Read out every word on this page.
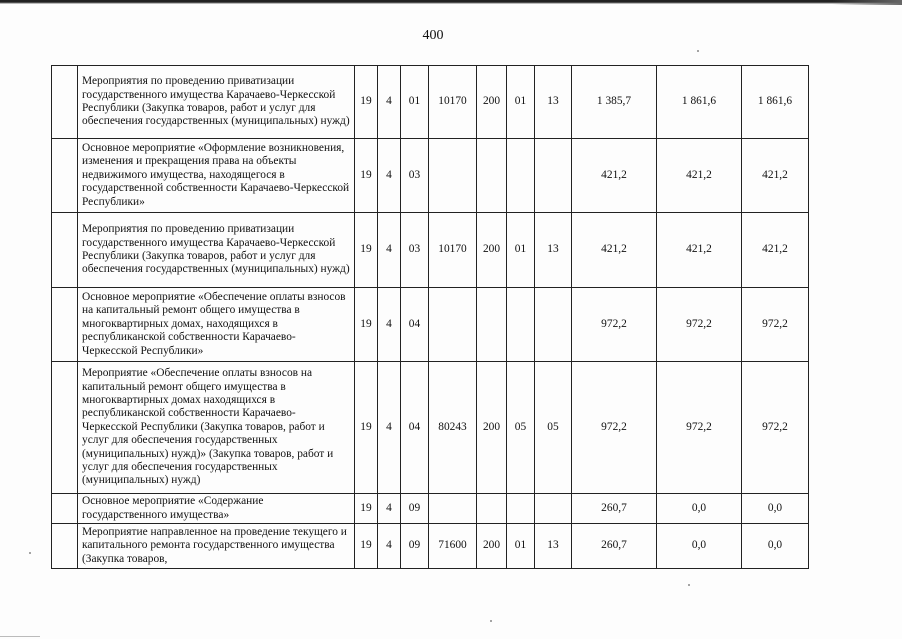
400
	Мероприятия по проведению приватизации государственного имущества Карачаево-Черкесской Республики (Закупка товаров, работ и услуг для обеспечения государственных (муниципальных) нужд)	19	4	01	10170	200	01	13	1 385,7	1 861,6	1 861,6
	Основное мероприятие «Оформление возникновения, изменения и прекращения права на объекты недвижимого имущества, находящегося в государственной собственности Карачаево-Черкесской Республики»	19	4	03					421,2	421,2	421,2
	Мероприятия по проведению приватизации государственного имущества Карачаево-Черкесской Республики (Закупка товаров, работ и услуг для обеспечения государственных (муниципальных) нужд)	19	4	03	10170	200	01	13	421,2	421,2	421,2
	Основное мероприятие «Обеспечение оплаты взносов на капитальный ремонт общего имущества в многоквартирных домах, находящихся в республиканской собственности Карачаево-Черкесской Республики»	19	4	04					972,2	972,2	972,2
	Мероприятие «Обеспечение оплаты взносов на капитальный ремонт общего имущества в многоквартирных домах находящихся в республиканской собственности Карачаево-Черкесской Республики (Закупка товаров, работ и услуг для обеспечения государственных (муниципальных) нужд)» (Закупка товаров, работ и услуг для обеспечения государственных (муниципальных) нужд)	19	4	04	80243	200	05	05	972,2	972,2	972,2
	Основное мероприятие «Содержание государственного имущества»	19	4	09					260,7	0,0	0,0
	Мероприятие направленное на проведение текущего и капитального ремонта государственного имущества (Закупка товаров,	19	4	09	71600	200	01	13	260,7	0,0	0,0
